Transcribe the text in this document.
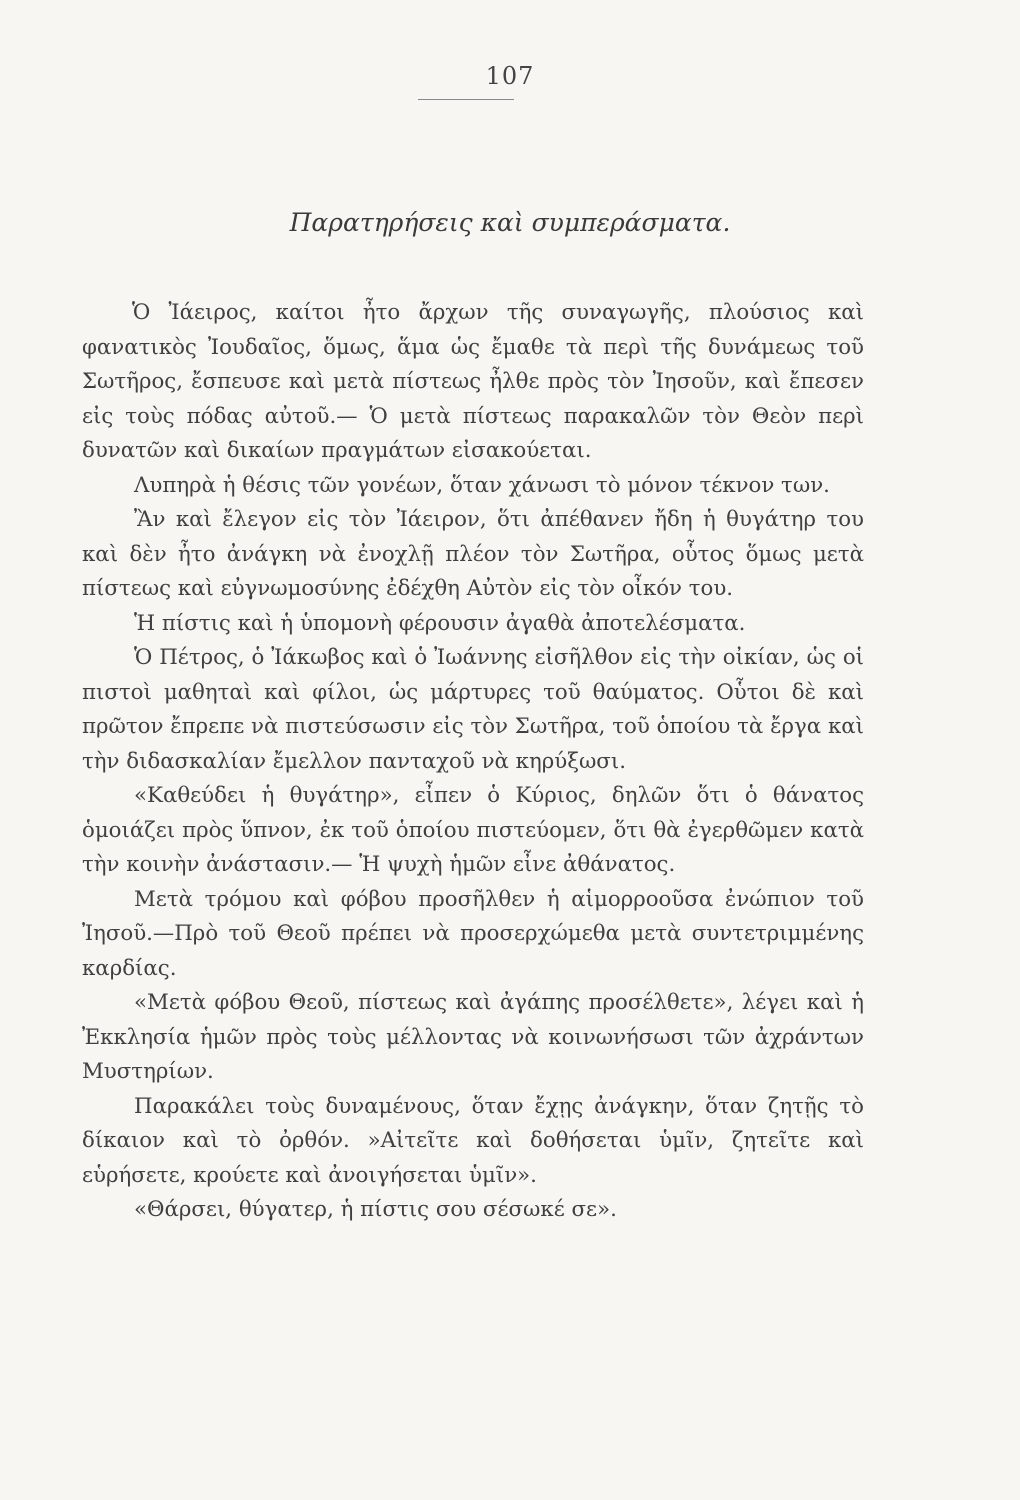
107
Παρατηρήσεις καὶ συμπεράσματα.

Ὁ Ἰάειρος, καίτοι ἦτο ἄρχων τῆς συναγωγῆς, πλούσιος καὶ φανατικὸς Ἰουδαῖος, ὅμως, ἅμα ὡς ἔμαθε τὰ περὶ τῆς δυνάμεως τοῦ Σωτῆρος, ἔσπευσε καὶ μετὰ πίστεως ἦλθε πρὸς τὸν Ἰησοῦν, καὶ ἔπεσεν εἰς τοὺς πόδας αὐτοῦ.— Ὁ μετὰ πίστεως παρακαλῶν τὸν Θεὸν περὶ δυνατῶν καὶ δικαίων πραγμάτων εἰσακούεται.

Λυπηρὰ ἡ θέσις τῶν γονέων, ὅταν χάνωσι τὸ μόνον τέκνον των.

Ἂν καὶ ἔλεγον εἰς τὸν Ἰάειρον, ὅτι ἀπέθανεν ἤδη ἡ θυγάτηρ του καὶ δὲν ἦτο ἀνάγκη νὰ ἐνοχλῇ πλέον τὸν Σωτῆρα, οὗτος ὅμως μετὰ πίστεως καὶ εὐγνωμοσύνης ἐδέχθη Αὐτὸν εἰς τὸν οἶκόν του.

Ἡ πίστις καὶ ἡ ὑπομονὴ φέρουσιν ἀγαθὰ ἀποτελέσματα.

Ὁ Πέτρος, ὁ Ἰάκωβος καὶ ὁ Ἰωάννης εἰσῆλθον εἰς τὴν οἰκίαν, ὡς οἱ πιστοὶ μαθηταὶ καὶ φίλοι, ὡς μάρτυρες τοῦ θαύματος. Οὗτοι δὲ καὶ πρῶτον ἔπρεπε νὰ πιστεύσωσιν εἰς τὸν Σωτῆρα, τοῦ ὁποίου τὰ ἔργα καὶ τὴν διδασκαλίαν ἔμελλον πανταχοῦ νὰ κηρύξωσι.

«Καθεύδει ἡ θυγάτηρ», εἶπεν ὁ Κύριος, δηλῶν ὅτι ὁ θάνατος ὁμοιάζει πρὸς ὕπνον, ἐκ τοῦ ὁποίου πιστεύομεν, ὅτι θὰ ἐγερθῶμεν κατὰ τὴν κοινὴν ἀνάστασιν.— Ἡ ψυχὴ ἡμῶν εἶνε ἀθάνατος.

Μετὰ τρόμου καὶ φόβου προσῆλθεν ἡ αἱμορροοῦσα ἐνώπιον τοῦ Ἰησοῦ.—Πρὸ τοῦ Θεοῦ πρέπει νὰ προσερχώμεθα μετὰ συντετριμμένης καρδίας.

«Μετὰ φόβου Θεοῦ, πίστεως καὶ ἀγάπης προσέλθετε», λέγει καὶ ἡ Ἐκκλησία ἡμῶν πρὸς τοὺς μέλλοντας νὰ κοινωνήσωσι τῶν ἀχράντων Μυστηρίων.

Παρακάλει τοὺς δυναμένους, ὅταν ἔχῃς ἀνάγκην, ὅταν ζητῇς τὸ δίκαιον καὶ τὸ ὀρθόν. »Αἰτεῖτε καὶ δοθήσεται ὑμῖν, ζητεῖτε καὶ εὑρήσετε, κρούετε καὶ ἀνοιγήσεται ὑμῖν».

«Θάρσει, θύγατερ, ἡ πίστις σου σέσωκέ σε».
